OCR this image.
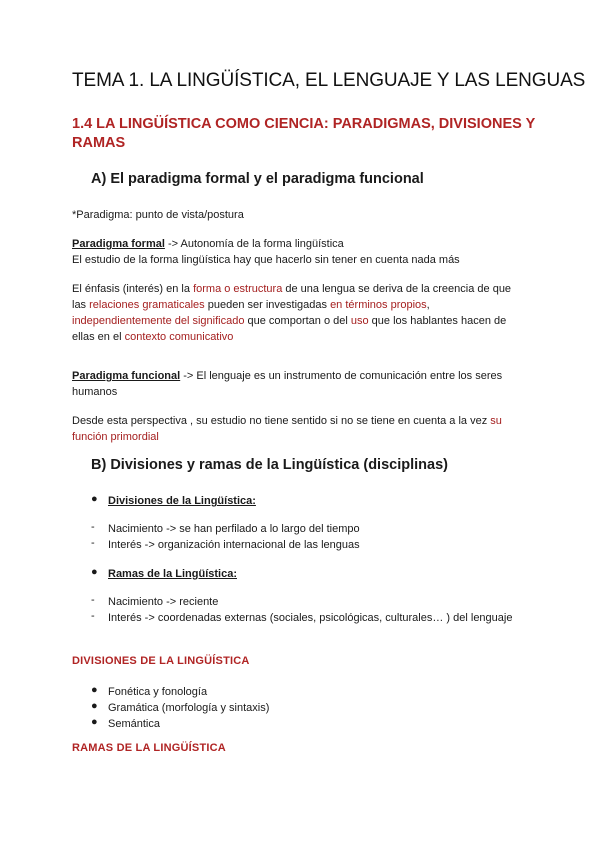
TEMA 1. LA LINGÜÍSTICA, EL LENGUAJE Y LAS LENGUAS
1.4 LA LINGÜÍSTICA COMO CIENCIA: PARADIGMAS, DIVISIONES Y
RAMAS
A) El paradigma formal y el paradigma funcional
*Paradigma: punto de vista/postura
Paradigma formal -> Autonomía de la forma lingüística
El estudio de la forma lingüística hay que hacerlo sin tener en cuenta nada más
El énfasis (interés) en la forma o estructura de una lengua se deriva de la creencia de que
las relaciones gramaticales pueden ser investigadas en términos propios,
independientemente del significado que comportan o del uso que los hablantes hacen de
ellas en el contexto comunicativo
Paradigma funcional -> El lenguaje es un instrumento de comunicación entre los seres
humanos
Desde esta perspectiva , su estudio no tiene sentido si no se tiene en cuenta a la vez su
función primordial
B) Divisiones y ramas de la Lingüística (disciplinas)
● Divisiones de la Lingüística:
- Nacimiento -> se han perfilado a lo largo del tiempo
- Interés -> organización internacional de las lenguas
● Ramas de la Lingüística:
- Nacimiento -> reciente
- Interés -> coordenadas externas (sociales, psicológicas, culturales… ) del lenguaje
DIVISIONES DE LA LINGÜÍSTICA
● Fonética y fonología
● Gramática (morfología y sintaxis)
● Semántica
RAMAS DE LA LINGÜÍSTICA
